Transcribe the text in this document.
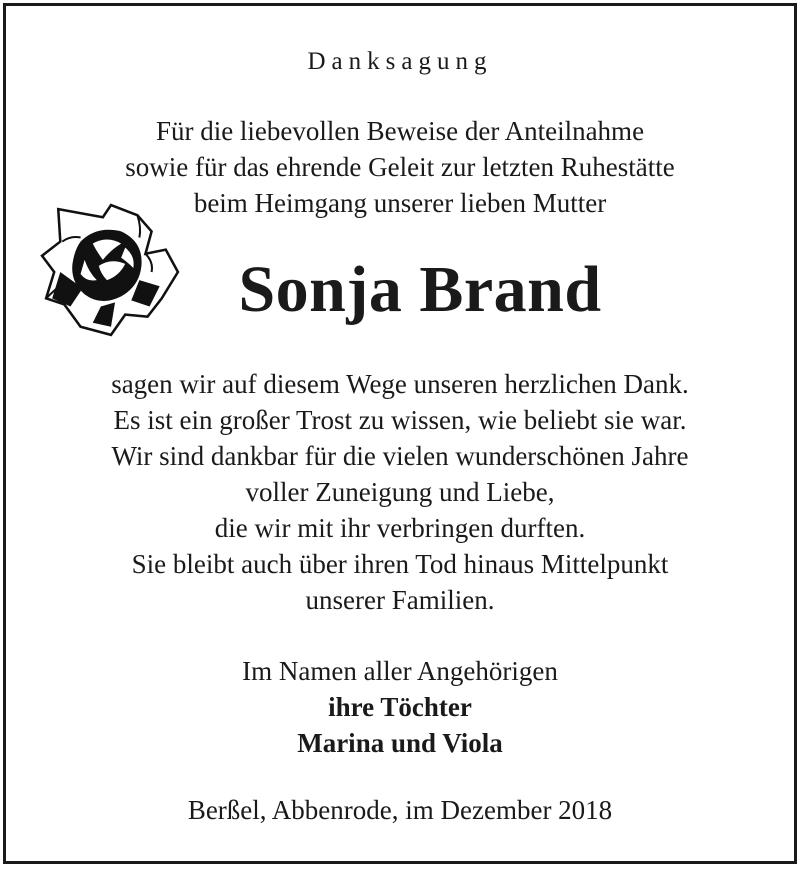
Danksagung
Für die liebevollen Beweise der Anteilnahme
sowie für das ehrende Geleit zur letzten Ruhestätte
beim Heimgang unserer lieben Mutter
Sonja Brand
sagen wir auf diesem Wege unseren herzlichen Dank.
Es ist ein großer Trost zu wissen, wie beliebt sie war.
Wir sind dankbar für die vielen wunderschönen Jahre
voller Zuneigung und Liebe,
die wir mit ihr verbringen durften.
Sie bleibt auch über ihren Tod hinaus Mittelpunkt
unserer Familien.
Im Namen aller Angehörigen
ihre Töchter
Marina und Viola
Berßel, Abbenrode, im Dezember 2018
